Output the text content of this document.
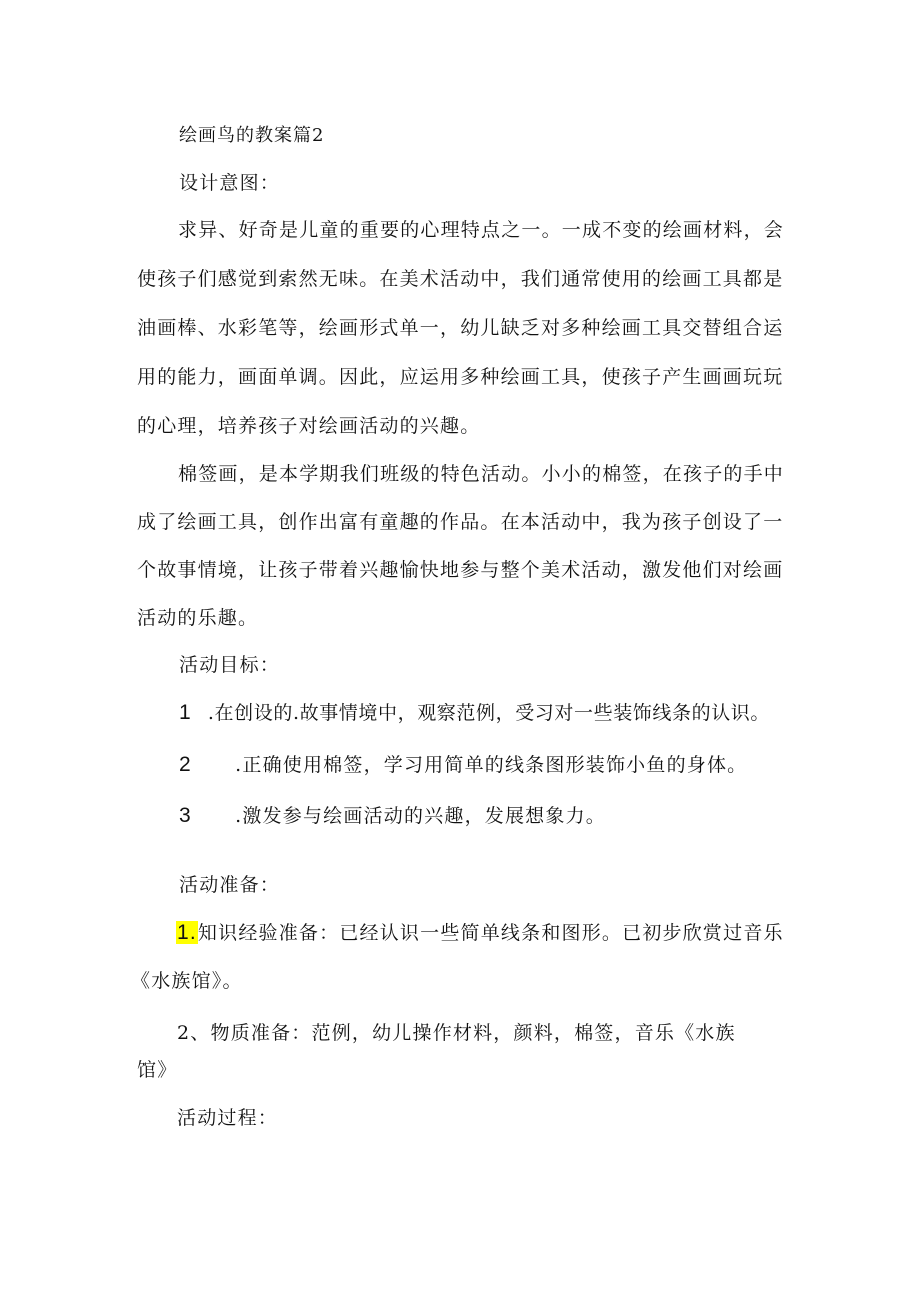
绘画鸟的教案篇2
设计意图：
求异、好奇是儿童的重要的心理特点之一。一成不变的绘画材料，会
使孩子们感觉到索然无味。在美术活动中，我们通常使用的绘画工具都是
油画棒、水彩笔等，绘画形式单一，幼儿缺乏对多种绘画工具交替组合运
用的能力，画面单调。因此，应运用多种绘画工具，使孩子产生画画玩玩
的心理，培养孩子对绘画活动的兴趣。
棉签画，是本学期我们班级的特色活动。小小的棉签，在孩子的手中
成了绘画工具，创作出富有童趣的作品。在本活动中，我为孩子创设了一
个故事情境，让孩子带着兴趣愉快地参与整个美术活动，激发他们对绘画
活动的乐趣。
活动目标：
1 .在创设的.故事情境中，观察范例，受习对一些装饰线条的认识。
2 .正确使用棉签，学习用简单的线条图形装饰小鱼的身体。
3 .激发参与绘画活动的兴趣，发展想象力。
活动准备：
1.知识经验准备：已经认识一些简单线条和图形。已初步欣赏过音乐
《水族馆》。
2、物质准备：范例，幼儿操作材料，颜料，棉签，音乐《水族
馆》
活动过程：
